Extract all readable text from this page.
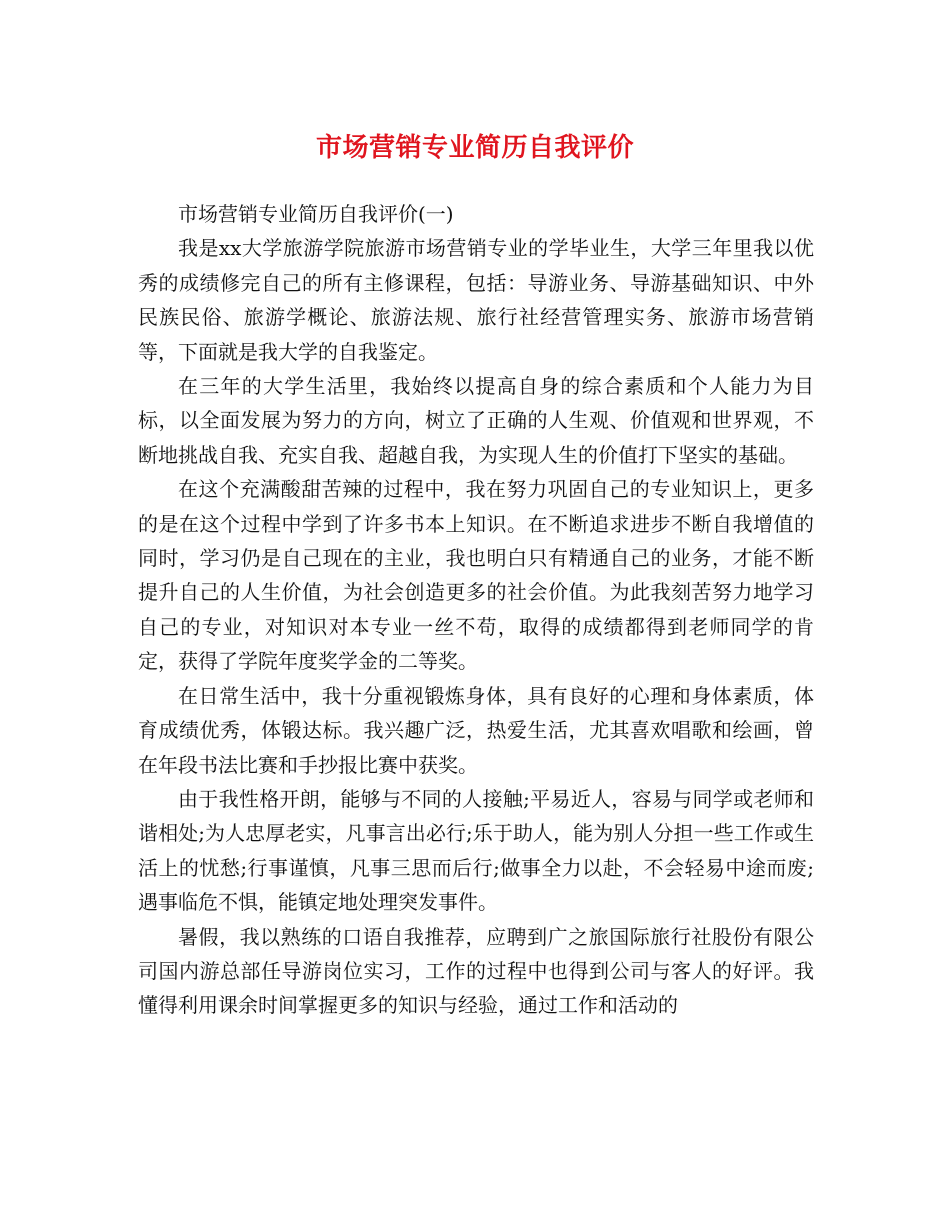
市场营销专业简历自我评价

市场营销专业简历自我评价(一)

我是xx大学旅游学院旅游市场营销专业的学毕业生，大学三年里我以优秀的成绩修完自己的所有主修课程，包括：导游业务、导游基础知识、中外民族民俗、旅游学概论、旅游法规、旅行社经营管理实务、旅游市场营销等，下面就是我大学的自我鉴定。

在三年的大学生活里，我始终以提高自身的综合素质和个人能力为目标，以全面发展为努力的方向，树立了正确的人生观、价值观和世界观，不断地挑战自我、充实自我、超越自我，为实现人生的价值打下坚实的基础。

在这个充满酸甜苦辣的过程中，我在努力巩固自己的专业知识上，更多的是在这个过程中学到了许多书本上知识。在不断追求进步不断自我增值的同时，学习仍是自己现在的主业，我也明白只有精通自己的业务，才能不断提升自己的人生价值，为社会创造更多的社会价值。为此我刻苦努力地学习自己的专业，对知识对本专业一丝不苟，取得的成绩都得到老师同学的肯定，获得了学院年度奖学金的二等奖。

在日常生活中，我十分重视锻炼身体，具有良好的心理和身体素质，体育成绩优秀，体锻达标。我兴趣广泛，热爱生活，尤其喜欢唱歌和绘画，曾在年段书法比赛和手抄报比赛中获奖。

由于我性格开朗，能够与不同的人接触;平易近人，容易与同学或老师和谐相处;为人忠厚老实，凡事言出必行;乐于助人，能为别人分担一些工作或生活上的忧愁;行事谨慎，凡事三思而后行;做事全力以赴，不会轻易中途而废;遇事临危不惧，能镇定地处理突发事件。

暑假，我以熟练的口语自我推荐，应聘到广之旅国际旅行社股份有限公司国内游总部任导游岗位实习，工作的过程中也得到公司与客人的好评。我懂得利用课余时间掌握更多的知识与经验，通过工作和活动的
